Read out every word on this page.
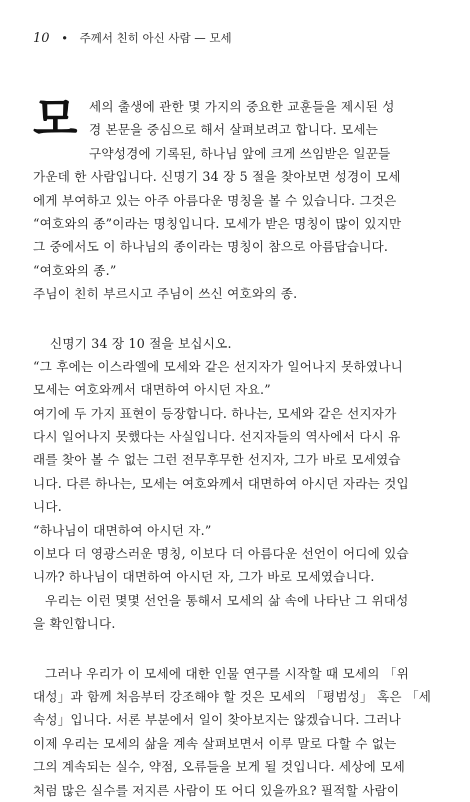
10 • 주께서 친히 아신 사람 — 모세
모 세의 출생에 관한 몇 가지의 중요한 교훈들을 제시된 성
경 본문을 중심으로 해서 살펴보려고 합니다. 모세는
구약성경에 기록된, 하나님 앞에 크게 쓰임받은 일꾼들
가운데 한 사람입니다. 신명기 34 장 5 절을 찾아보면 성경이 모세
에게 부여하고 있는 아주 아름다운 명칭을 볼 수 있습니다. 그것은
“여호와의 종”이라는 명칭입니다. 모세가 받은 명칭이 많이 있지만
그 중에서도 이 하나님의 종이라는 명칭이 참으로 아름답습니다.
“여호와의 종.”
주님이 친히 부르시고 주님이 쓰신 여호와의 종.
신명기 34 장 10 절을 보십시오.
“그 후에는 이스라엘에 모세와 같은 선지자가 일어나지 못하였나니
모세는 여호와께서 대면하여 아시던 자요.”
여기에 두 가지 표현이 등장합니다. 하나는, 모세와 같은 선지자가
다시 일어나지 못했다는 사실입니다. 선지자들의 역사에서 다시 유
래를 찾아 볼 수 없는 그런 전무후무한 선지자, 그가 바로 모세였습
니다. 다른 하나는, 모세는 여호와께서 대면하여 아시던 자라는 것입
니다.
“하나님이 대면하여 아시던 자.”
이보다 더 영광스러운 명칭, 이보다 더 아름다운 선언이 어디에 있습
니까? 하나님이 대면하여 아시던 자, 그가 바로 모세였습니다.
우리는 이런 몇몇 선언을 통해서 모세의 삶 속에 나타난 그 위대성
을 확인합니다.
그러나 우리가 이 모세에 대한 인물 연구를 시작할 때 모세의 「위
대성」과 함께 처음부터 강조해야 할 것은 모세의 「평범성」 혹은 「세
속성」입니다. 서론 부분에서 일이 찾아보지는 않겠습니다. 그러나
이제 우리는 모세의 삶을 계속 살펴보면서 이루 말로 다할 수 없는
그의 계속되는 실수, 약점, 오류들을 보게 될 것입니다. 세상에 모세
처럼 많은 실수를 저지른 사람이 또 어디 있을까요? 필적할 사람이
